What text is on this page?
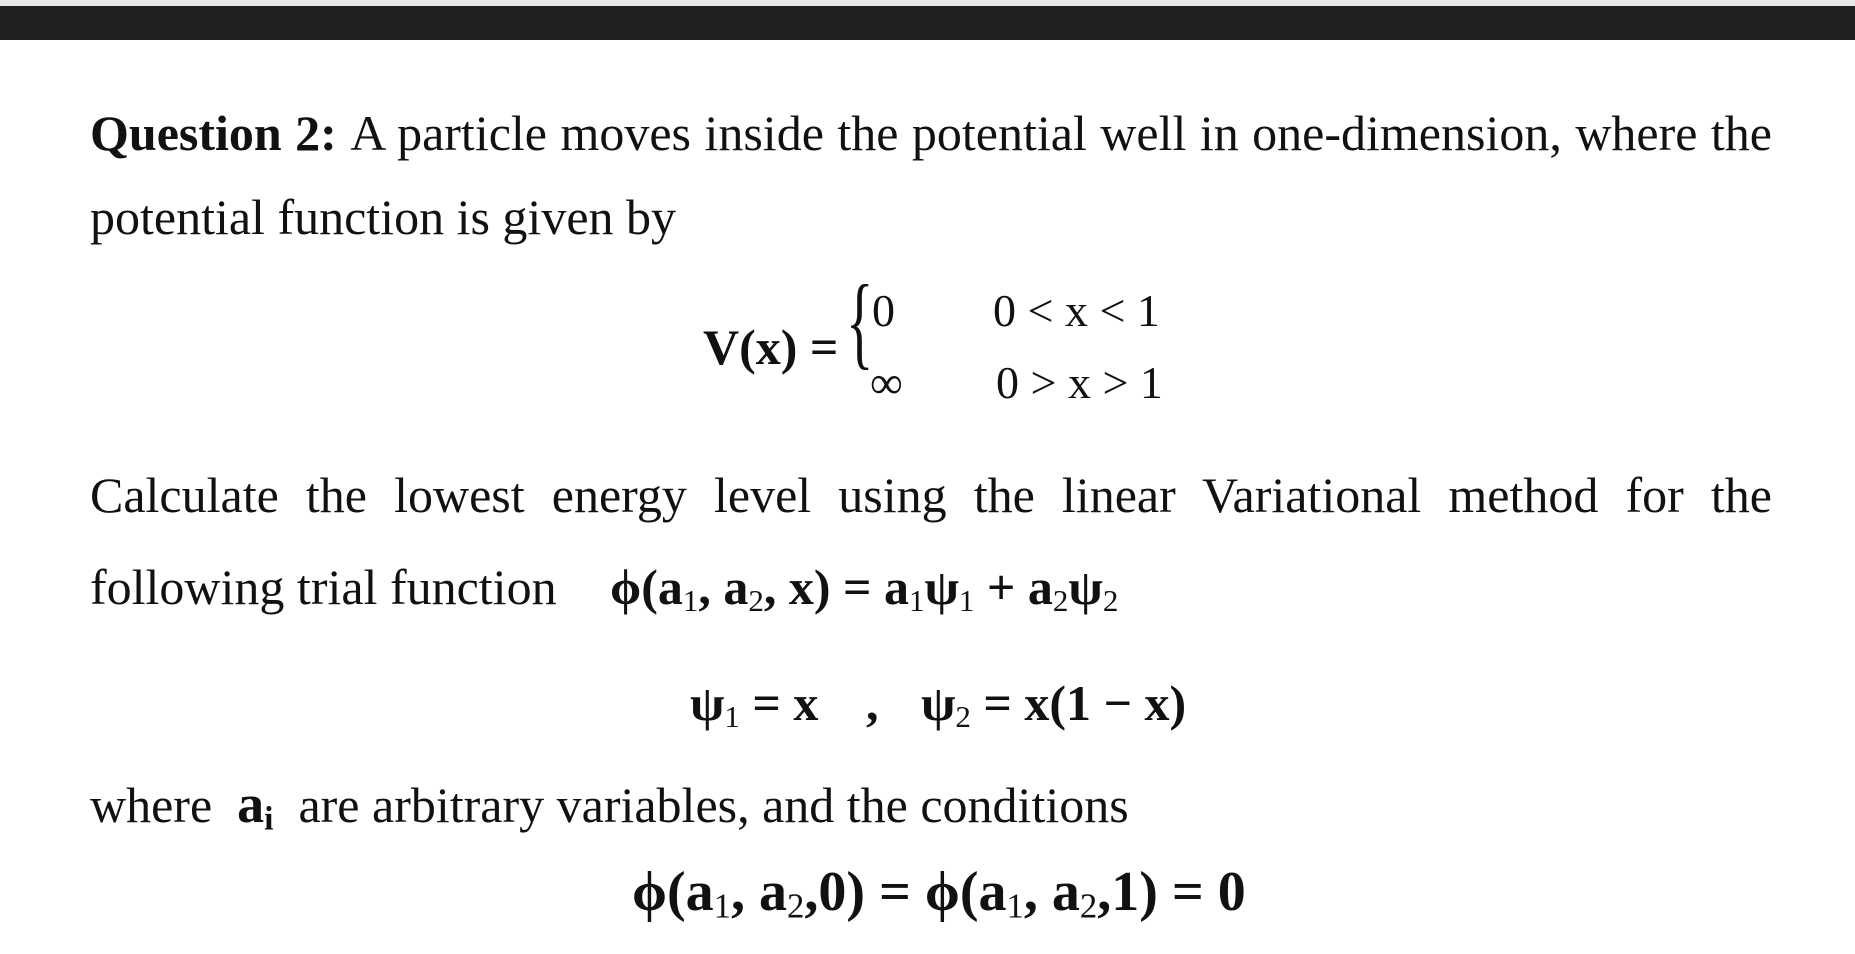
Question 2: A particle moves inside the potential well in one-dimension, where the
potential function is given by
V(x) = {
0 0 < x < 1
∞ 0 > x > 1
Calculate the lowest energy level using the linear Variational method for the
following trial function $\phi(a_1$, $a_2$, $x) = a_1\psi_1 + a_2\psi_2$
$\psi_1 = x$ , $\psi_2 = x(1 - x)$
where $a_i$ are arbitrary variables, and the conditions
$\phi(a_1$, $a_2,0) = \phi(a_1$, $a_2,1) = 0$
